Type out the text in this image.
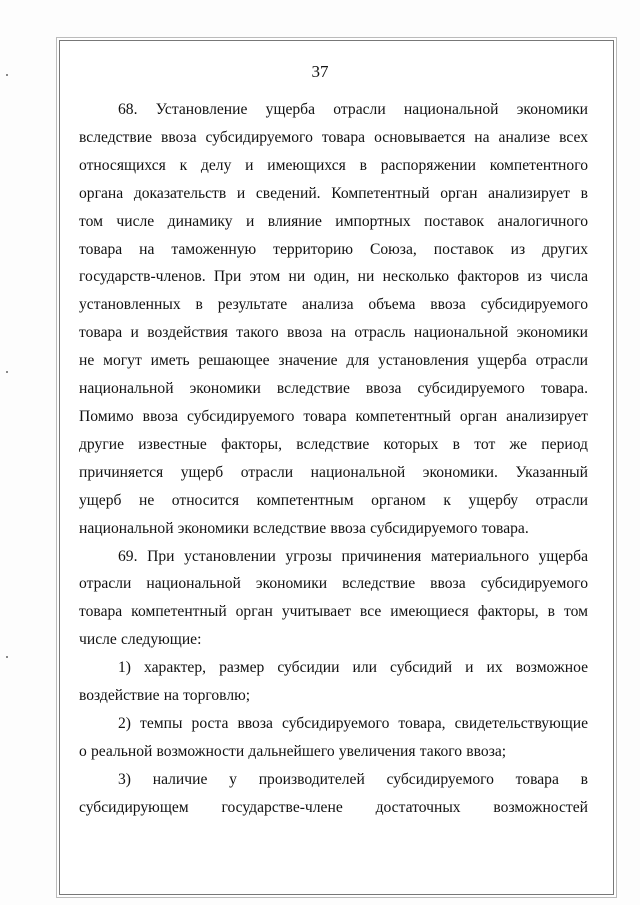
37
68. Установление ущерба отрасли национальной экономики
вследствие ввоза субсидируемого товара основывается на анализе всех
относящихся к делу и имеющихся в распоряжении компетентного
органа доказательств и сведений. Компетентный орган анализирует в
том числе динамику и влияние импортных поставок аналогичного
товара на таможенную территорию Союза, поставок из других
государств-членов. При этом ни один, ни несколько факторов из числа
установленных в результате анализа объема ввоза субсидируемого
товара и воздействия такого ввоза на отрасль национальной экономики
не могут иметь решающее значение для установления ущерба отрасли
национальной экономики вследствие ввоза субсидируемого товара.
Помимо ввоза субсидируемого товара компетентный орган анализирует
другие известные факторы, вследствие которых в тот же период
причиняется ущерб отрасли национальной экономики. Указанный
ущерб не относится компетентным органом к ущербу отрасли
национальной экономики вследствие ввоза субсидируемого товара.
69. При установлении угрозы причинения материального ущерба
отрасли национальной экономики вследствие ввоза субсидируемого
товара компетентный орган учитывает все имеющиеся факторы, в том
числе следующие:
1) характер, размер субсидии или субсидий и их возможное
воздействие на торговлю;
2) темпы роста ввоза субсидируемого товара, свидетельствующие
о реальной возможности дальнейшего увеличения такого ввоза;
3) наличие у производителей субсидируемого товара в
субсидирующем государстве-члене достаточных возможностей
